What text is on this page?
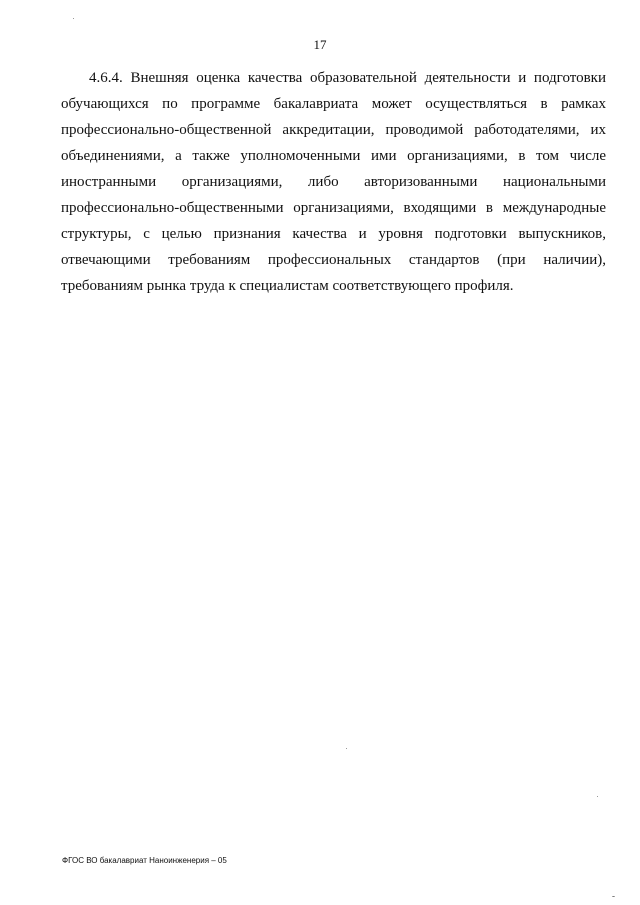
17

4.6.4. Внешняя оценка качества образовательной деятельности и подготовки обучающихся по программе бакалавриата может осуществляться в рамках профессионально-общественной аккредитации, проводимой работодателями, их объединениями, а также уполномоченными ими организациями, в том числе иностранными организациями, либо авторизованными национальными профессионально-общественными организациями, входящими в международные структуры, с целью признания качества и уровня подготовки выпускников, отвечающими требованиям профессиональных стандартов (при наличии), требованиям рынка труда к специалистам соответствующего профиля.

ФГОС ВО бакалавриат Наноинженерия – 05
